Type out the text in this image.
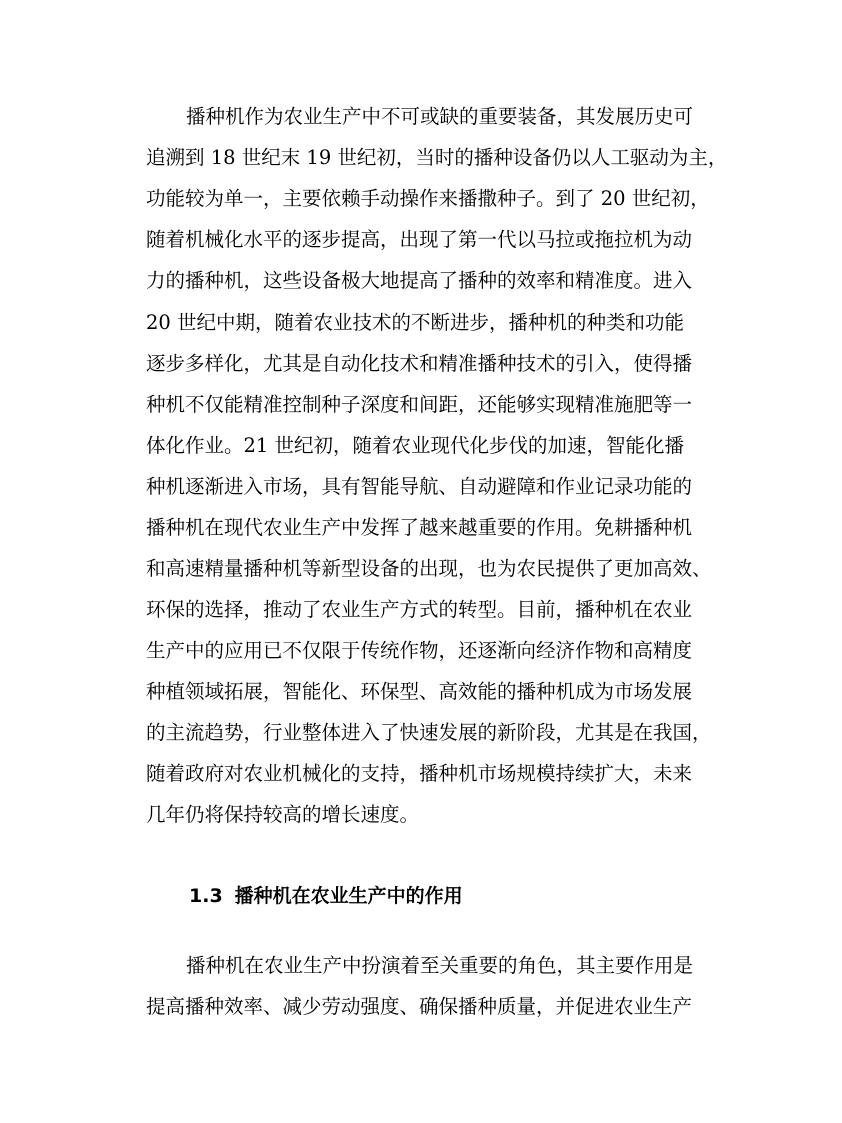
播种机作为农业生产中不可或缺的重要装备，其发展历史可
追溯到 18 世纪末 19 世纪初，当时的播种设备仍以人工驱动为主，
功能较为单一，主要依赖手动操作来播撒种子。到了 20 世纪初，
随着机械化水平的逐步提高，出现了第一代以马拉或拖拉机为动
力的播种机，这些设备极大地提高了播种的效率和精准度。进入
20 世纪中期，随着农业技术的不断进步，播种机的种类和功能
逐步多样化，尤其是自动化技术和精准播种技术的引入，使得播
种机不仅能精准控制种子深度和间距，还能够实现精准施肥等一
体化作业。21 世纪初，随着农业现代化步伐的加速，智能化播
种机逐渐进入市场，具有智能导航、自动避障和作业记录功能的
播种机在现代农业生产中发挥了越来越重要的作用。免耕播种机
和高速精量播种机等新型设备的出现，也为农民提供了更加高效、
环保的选择，推动了农业生产方式的转型。目前，播种机在农业
生产中的应用已不仅限于传统作物，还逐渐向经济作物和高精度
种植领域拓展，智能化、环保型、高效能的播种机成为市场发展
的主流趋势，行业整体进入了快速发展的新阶段，尤其是在我国，
随着政府对农业机械化的支持，播种机市场规模持续扩大，未来
几年仍将保持较高的增长速度。
1.3 播种机在农业生产中的作用
播种机在农业生产中扮演着至关重要的角色，其主要作用是
提高播种效率、减少劳动强度、确保播种质量，并促进农业生产
